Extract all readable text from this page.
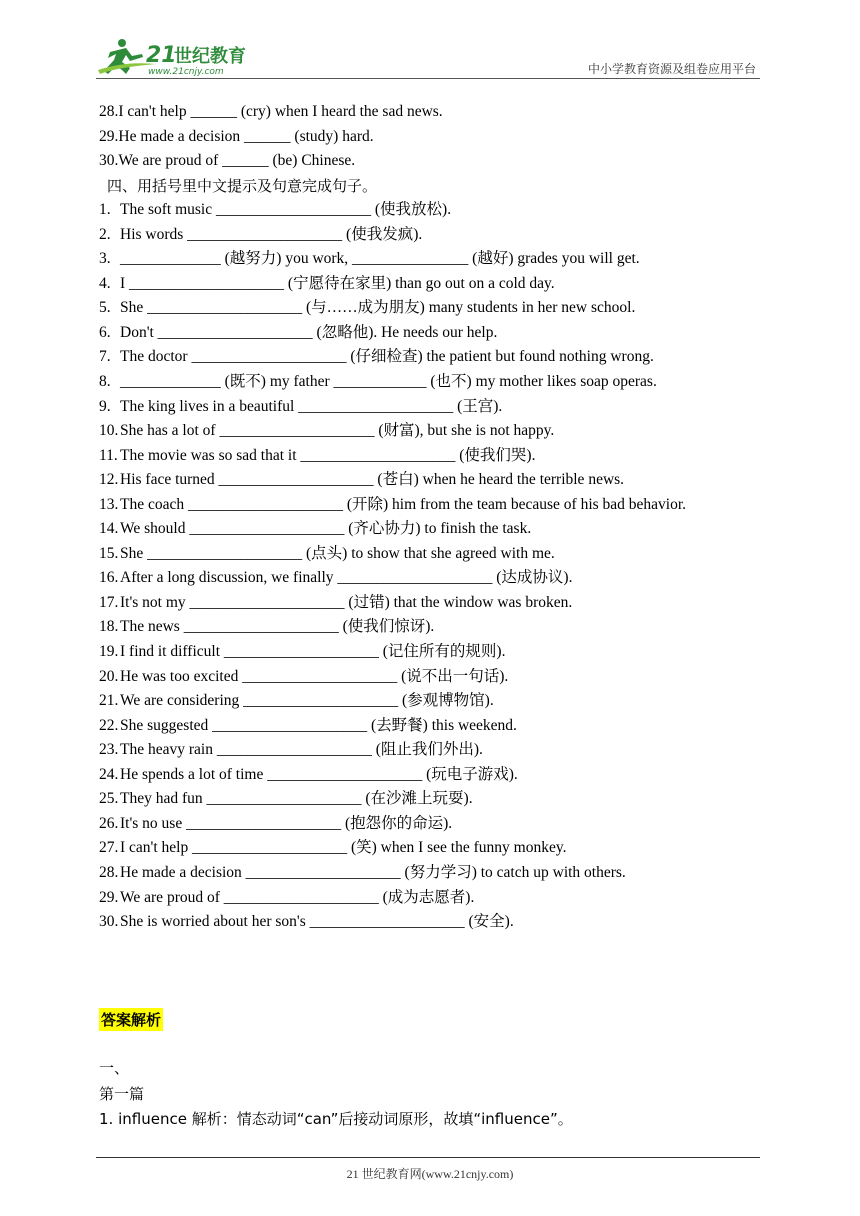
21
世纪教育
www.21cnjy.com	中小学教育资源及组卷应用平台
28.I can't help ______ (cry) when I heard the sad news.
29.He made a decision ______ (study) hard.
30.We are proud of ______ (be) Chinese.
四、用括号里中文提示及句意完成句子。
1. The soft music ____________________ (使我放松).
2. His words ____________________ (使我发疯).
3. _____________ (越努力) you work, _______________ (越好) grades you will get.
4. I ____________________ (宁愿待在家里) than go out on a cold day.
5. She ____________________ (与……成为朋友) many students in her new school.
6. Don't ____________________ (忽略他). He needs our help.
7. The doctor ____________________ (仔细检查) the patient but found nothing wrong.
8. _____________ (既不) my father ____________ (也不) my mother likes soap operas.
9. The king lives in a beautiful ____________________ (王宫).
10. She has a lot of ____________________ (财富), but she is not happy.
11. The movie was so sad that it ____________________ (使我们哭).
12. His face turned ____________________ (苍白) when he heard the terrible news.
13. The coach ____________________ (开除) him from the team because of his bad behavior.
14. We should ____________________ (齐心协力) to finish the task.
15. She ____________________ (点头) to show that she agreed with me.
16. After a long discussion, we finally ____________________ (达成协议).
17. It's not my ____________________ (过错) that the window was broken.
18. The news ____________________ (使我们惊讶).
19. I find it difficult ____________________ (记住所有的规则).
20. He was too excited ____________________ (说不出一句话).
21. We are considering ____________________ (参观博物馆).
22. She suggested ____________________ (去野餐) this weekend.
23. The heavy rain ____________________ (阻止我们外出).
24. He spends a lot of time ____________________ (玩电子游戏).
25. They had fun ____________________ (在沙滩上玩耍).
26. It's no use ____________________ (抱怨你的命运).
27. I can't help ____________________ (笑) when I see the funny monkey.
28. He made a decision ____________________ (努力学习) to catch up with others.
29. We are proud of ____________________ (成为志愿者).
30. She is worried about her son's ____________________ (安全).
答案解析
一、
第一篇
1. influence 解析：情态动词“can”后接动词原形，故填“influence”。
21 世纪教育网(www.21cnjy.com)
